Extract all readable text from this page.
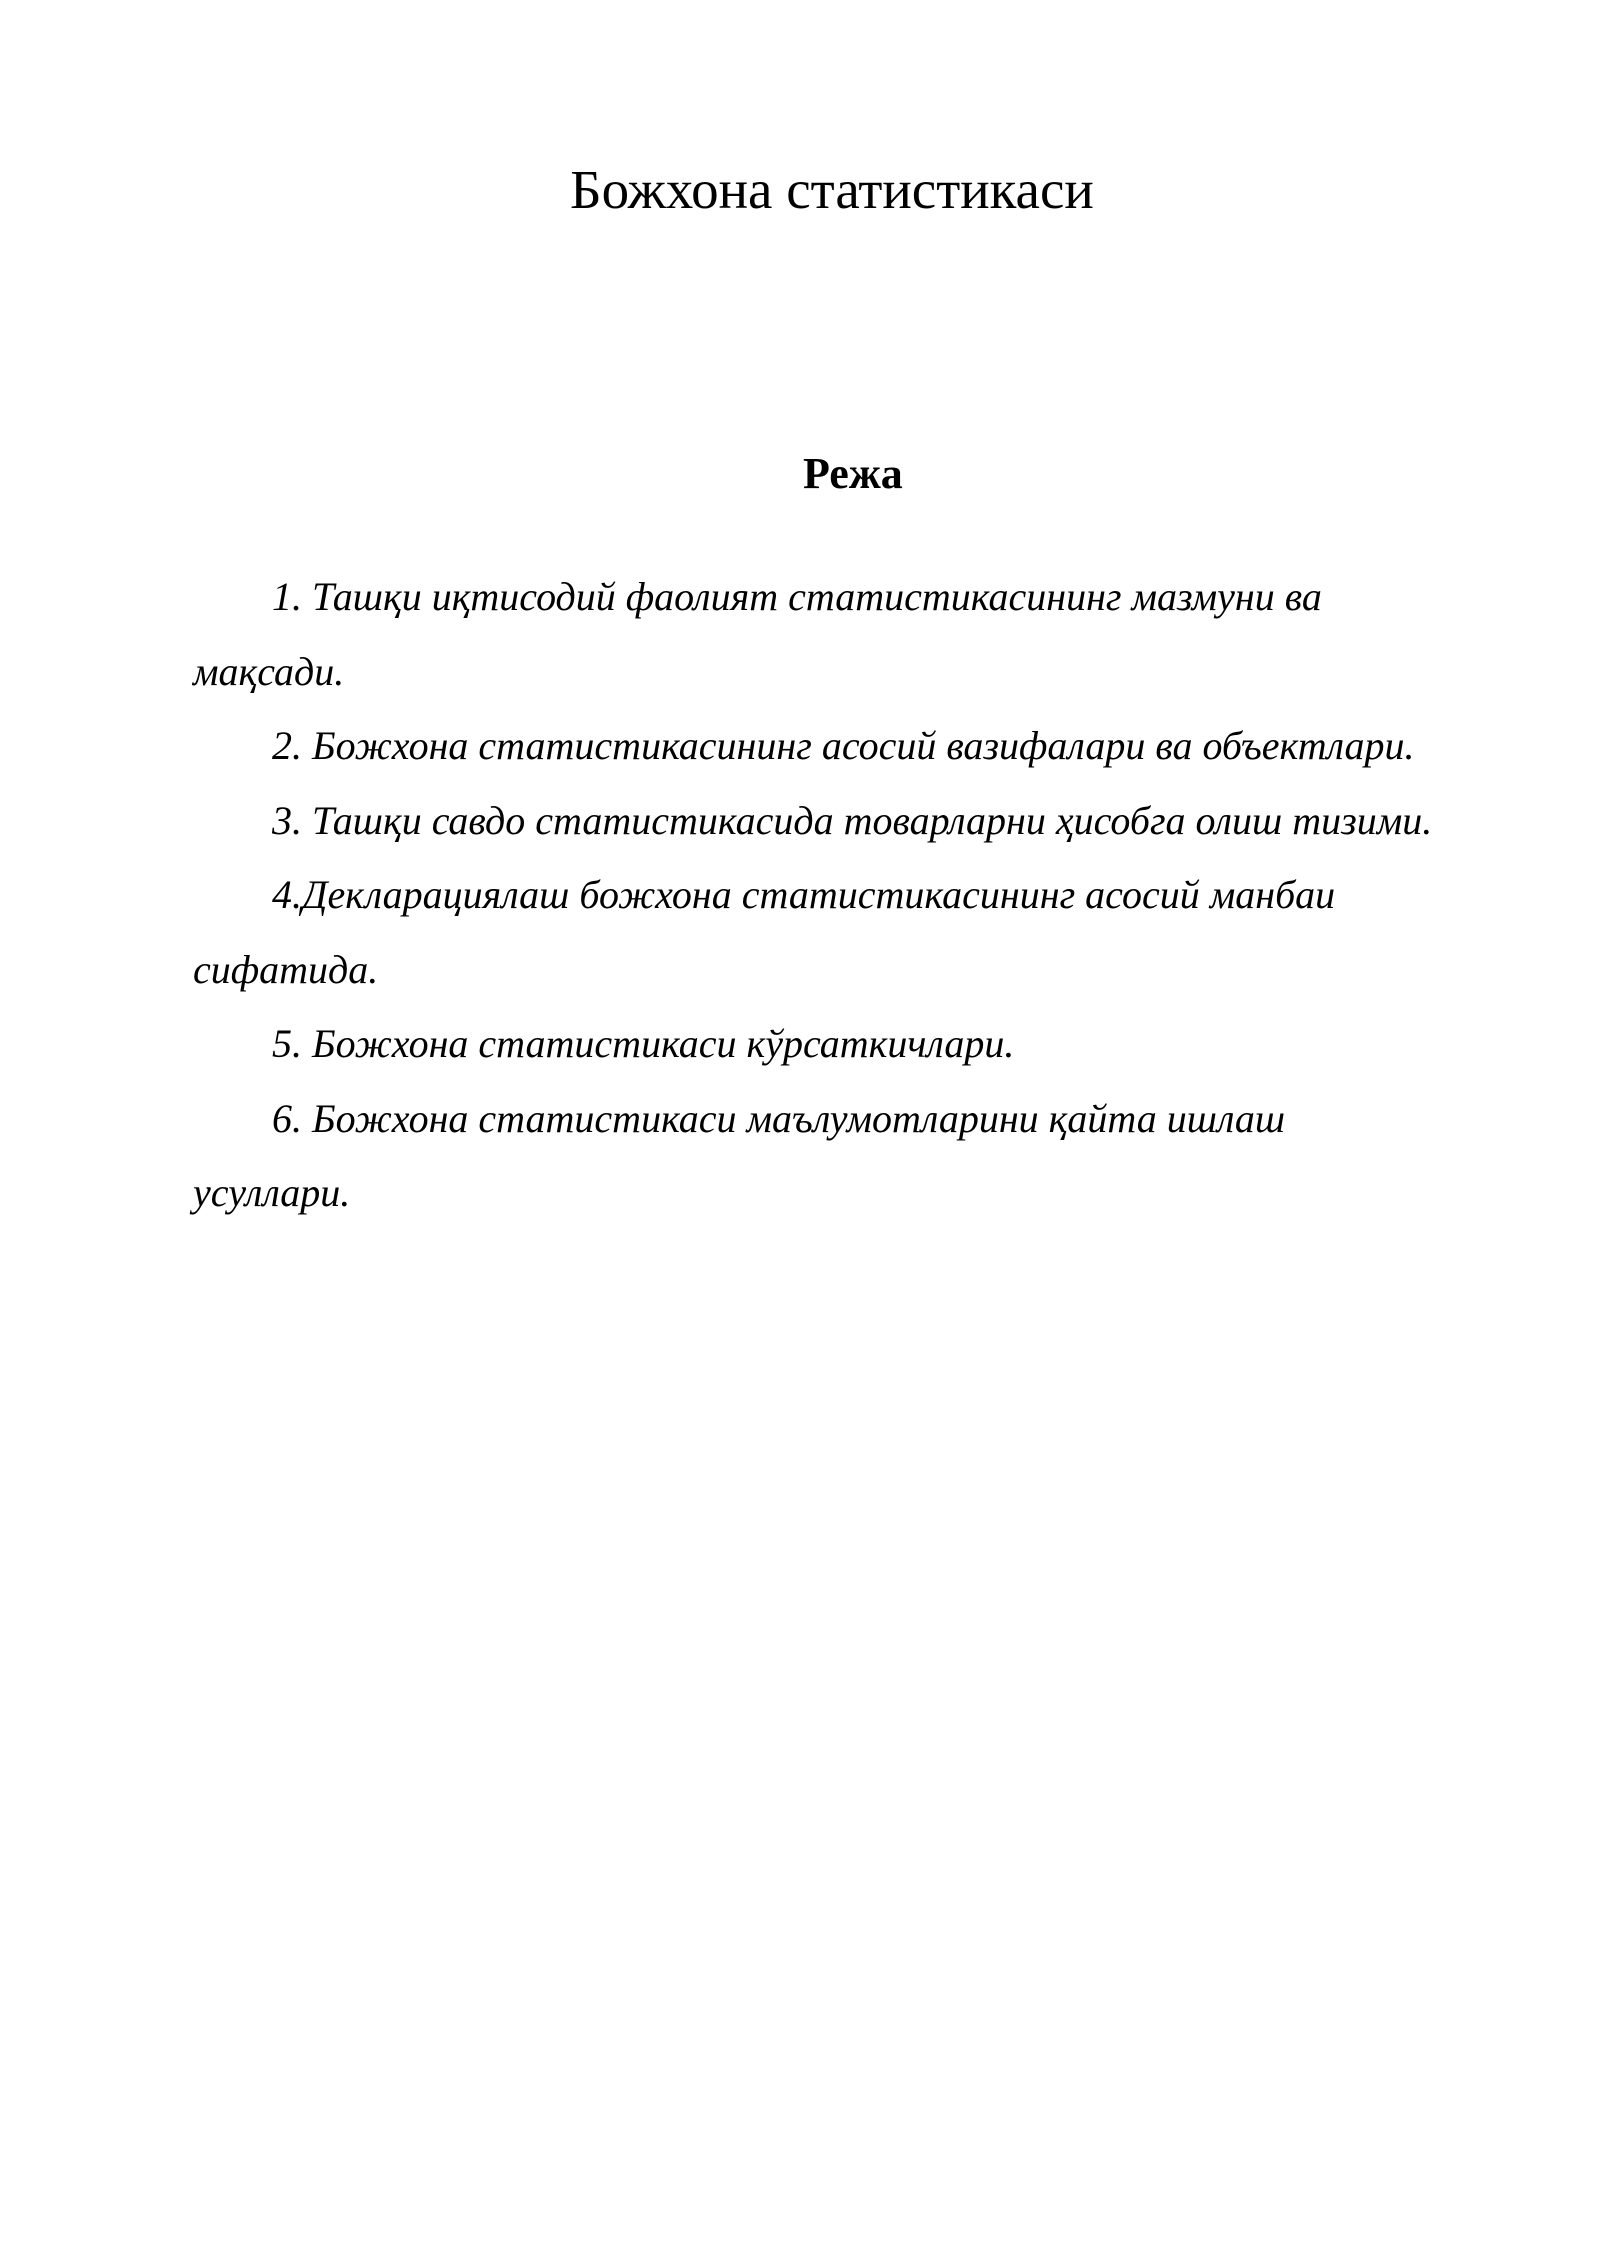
Божхона статистикаси
Режа
1. Ташқи иқтисодий фаолият статистикасининг мазмуни ва мақсади.
2. Божхона статистикасининг асосий вазифалари ва объектлари.
3. Ташқи савдо статистикасида товарларни ҳисобга олиш тизими.
4.Декларациялаш божхона статистикасининг асосий манбаи сифатида.
5. Божхона статистикаси кўрсаткичлари.
6. Божхона статистикаси маълумотларини қайта ишлаш усуллари.
